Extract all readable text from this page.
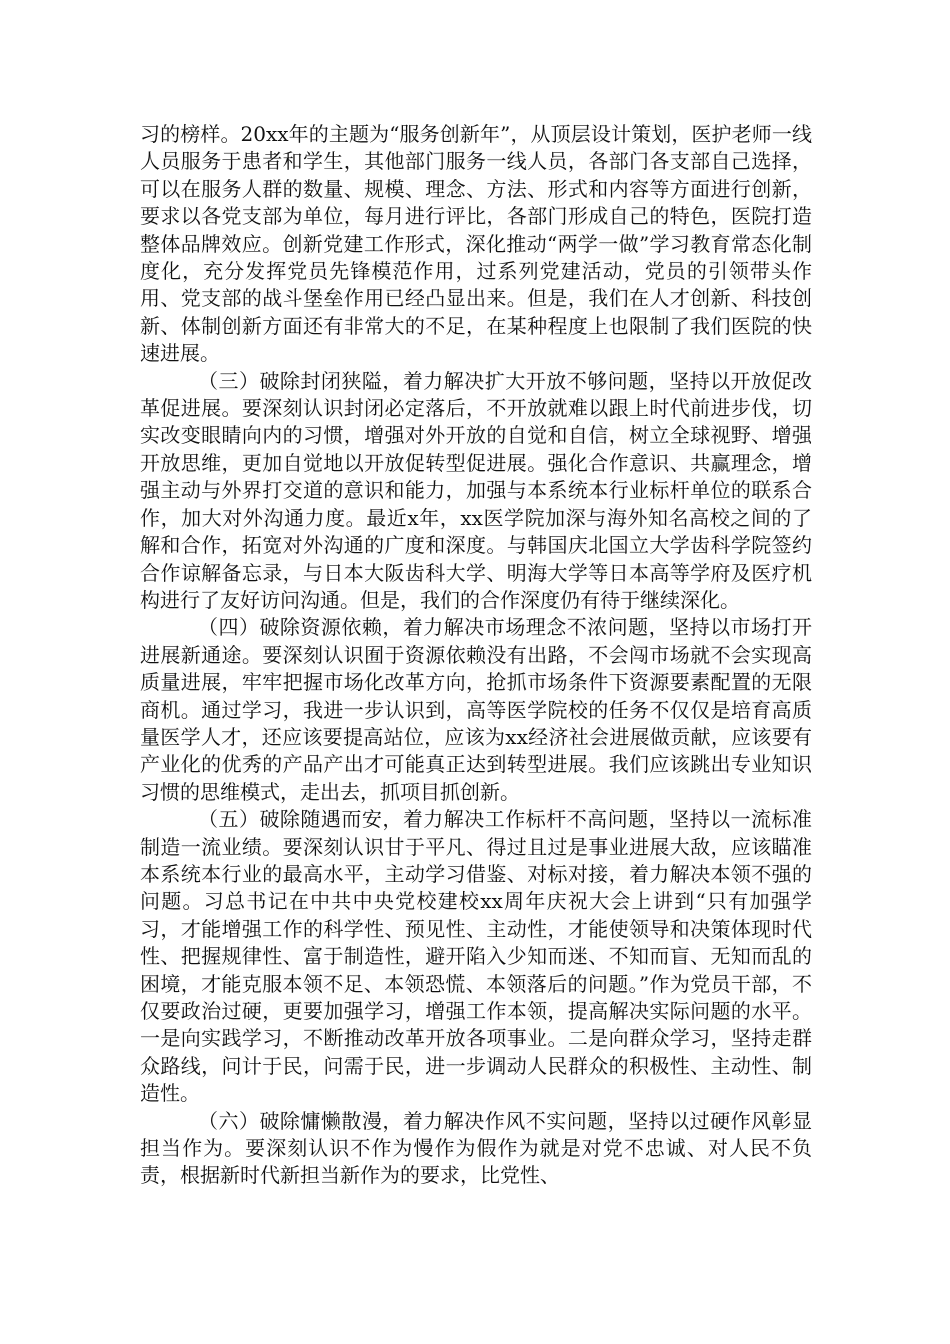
习的榜样。20xx年的主题为“服务创新年”，从顶层设计策划，医护老师一线人员服务于患者和学生，其他部门服务一线人员，各部门各支部自己选择，可以在服务人群的数量、规模、理念、方法、形式和内容等方面进行创新，要求以各党支部为单位，每月进行评比，各部门形成自己的特色，医院打造整体品牌效应。创新党建工作形式，深化推动“两学一做”学习教育常态化制度化，充分发挥党员先锋模范作用，过系列党建活动，党员的引领带头作用、党支部的战斗堡垒作用已经凸显出来。但是，我们在人才创新、科技创新、体制创新方面还有非常大的不足，在某种程度上也限制了我们医院的快速进展。

（三）破除封闭狭隘，着力解决扩大开放不够问题，坚持以开放促改革促进展。要深刻认识封闭必定落后，不开放就难以跟上时代前进步伐，切实改变眼睛向内的习惯，增强对外开放的自觉和自信，树立全球视野、增强开放思维，更加自觉地以开放促转型促进展。强化合作意识、共赢理念，增强主动与外界打交道的意识和能力，加强与本系统本行业标杆单位的联系合作，加大对外沟通力度。最近x年，xx医学院加深与海外知名高校之间的了解和合作，拓宽对外沟通的广度和深度。与韩国庆北国立大学齿科学院签约合作谅解备忘录，与日本大阪齿科大学、明海大学等日本高等学府及医疗机构进行了友好访问沟通。但是，我们的合作深度仍有待于继续深化。

（四）破除资源依赖，着力解决市场理念不浓问题，坚持以市场打开进展新通途。要深刻认识囿于资源依赖没有出路，不会闯市场就不会实现高质量进展，牢牢把握市场化改革方向，抢抓市场条件下资源要素配置的无限商机。通过学习，我进一步认识到，高等医学院校的任务不仅仅是培育高质量医学人才，还应该要提高站位，应该为xx经济社会进展做贡献，应该要有产业化的优秀的产品产出才可能真正达到转型进展。我们应该跳出专业知识习惯的思维模式，走出去，抓项目抓创新。

（五）破除随遇而安，着力解决工作标杆不高问题，坚持以一流标准制造一流业绩。要深刻认识甘于平凡、得过且过是事业进展大敌，应该瞄准本系统本行业的最高水平，主动学习借鉴、对标对接，着力解决本领不强的问题。习总书记在中共中央党校建校xx周年庆祝大会上讲到“只有加强学习，才能增强工作的科学性、预见性、主动性，才能使领导和决策体现时代性、把握规律性、富于制造性，避开陷入少知而迷、不知而盲、无知而乱的困境，才能克服本领不足、本领恐慌、本领落后的问题。”作为党员干部，不仅要政治过硬，更要加强学习，增强工作本领，提高解决实际问题的水平。一是向实践学习，不断推动改革开放各项事业。二是向群众学习，坚持走群众路线，问计于民，问需于民，进一步调动人民群众的积极性、主动性、制造性。

（六）破除慵懒散漫，着力解决作风不实问题，坚持以过硬作风彰显担当作为。要深刻认识不作为慢作为假作为就是对党不忠诚、对人民不负责，根据新时代新担当新作为的要求，比党性、
